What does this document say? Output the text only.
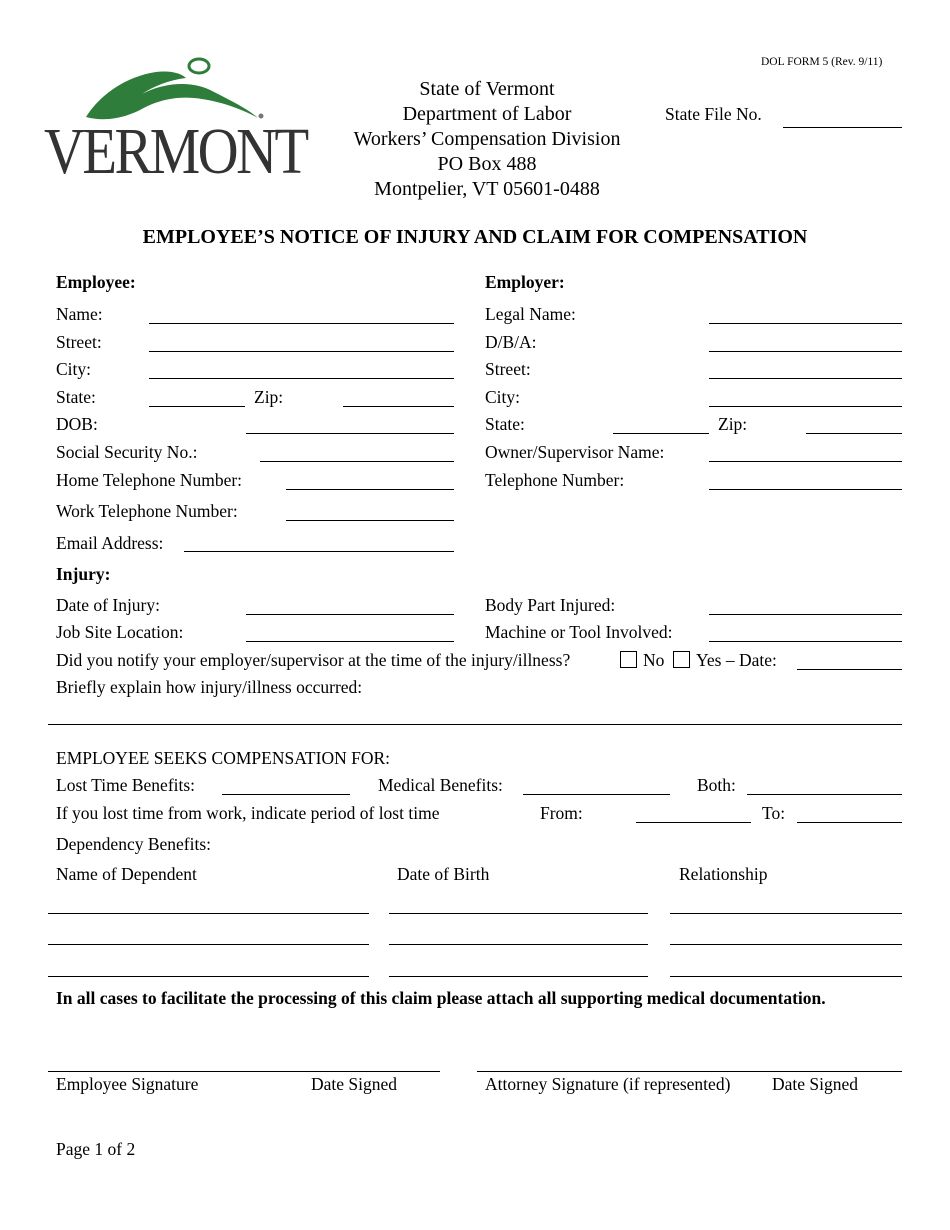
DOL FORM 5 (Rev. 9/11)
VERMONT
State of Vermont
Department of Labor
Workers’ Compensation Division
PO Box 488
Montpelier, VT 05601-0488
State File No.
EMPLOYEE’S NOTICE OF INJURY AND CLAIM FOR COMPENSATION
Employee:
Name:
Street:
City:
State:	Zip:
DOB:
Social Security No.:
Home Telephone Number:
Work Telephone Number:
Email Address:
Employer:
Legal Name:
D/B/A:
Street:
City:
State:	Zip:
Owner/Supervisor Name:
Telephone Number:
Injury:
Date of Injury:	Body Part Injured:
Job Site Location:	Machine or Tool Involved:
Did you notify your employer/supervisor at the time of the injury/illness?	No Yes – Date:
Briefly explain how injury/illness occurred:
EMPLOYEE SEEKS COMPENSATION FOR:
Lost Time Benefits:	Medical Benefits:	Both:
If you lost time from work, indicate period of lost time	From:	To:
Dependency Benefits:
Name of Dependent	Date of Birth	Relationship
In all cases to facilitate the processing of this claim please attach all supporting medical documentation.
Employee Signature	Date Signed	Attorney Signature (if represented) Date Signed
Page 1 of 2
